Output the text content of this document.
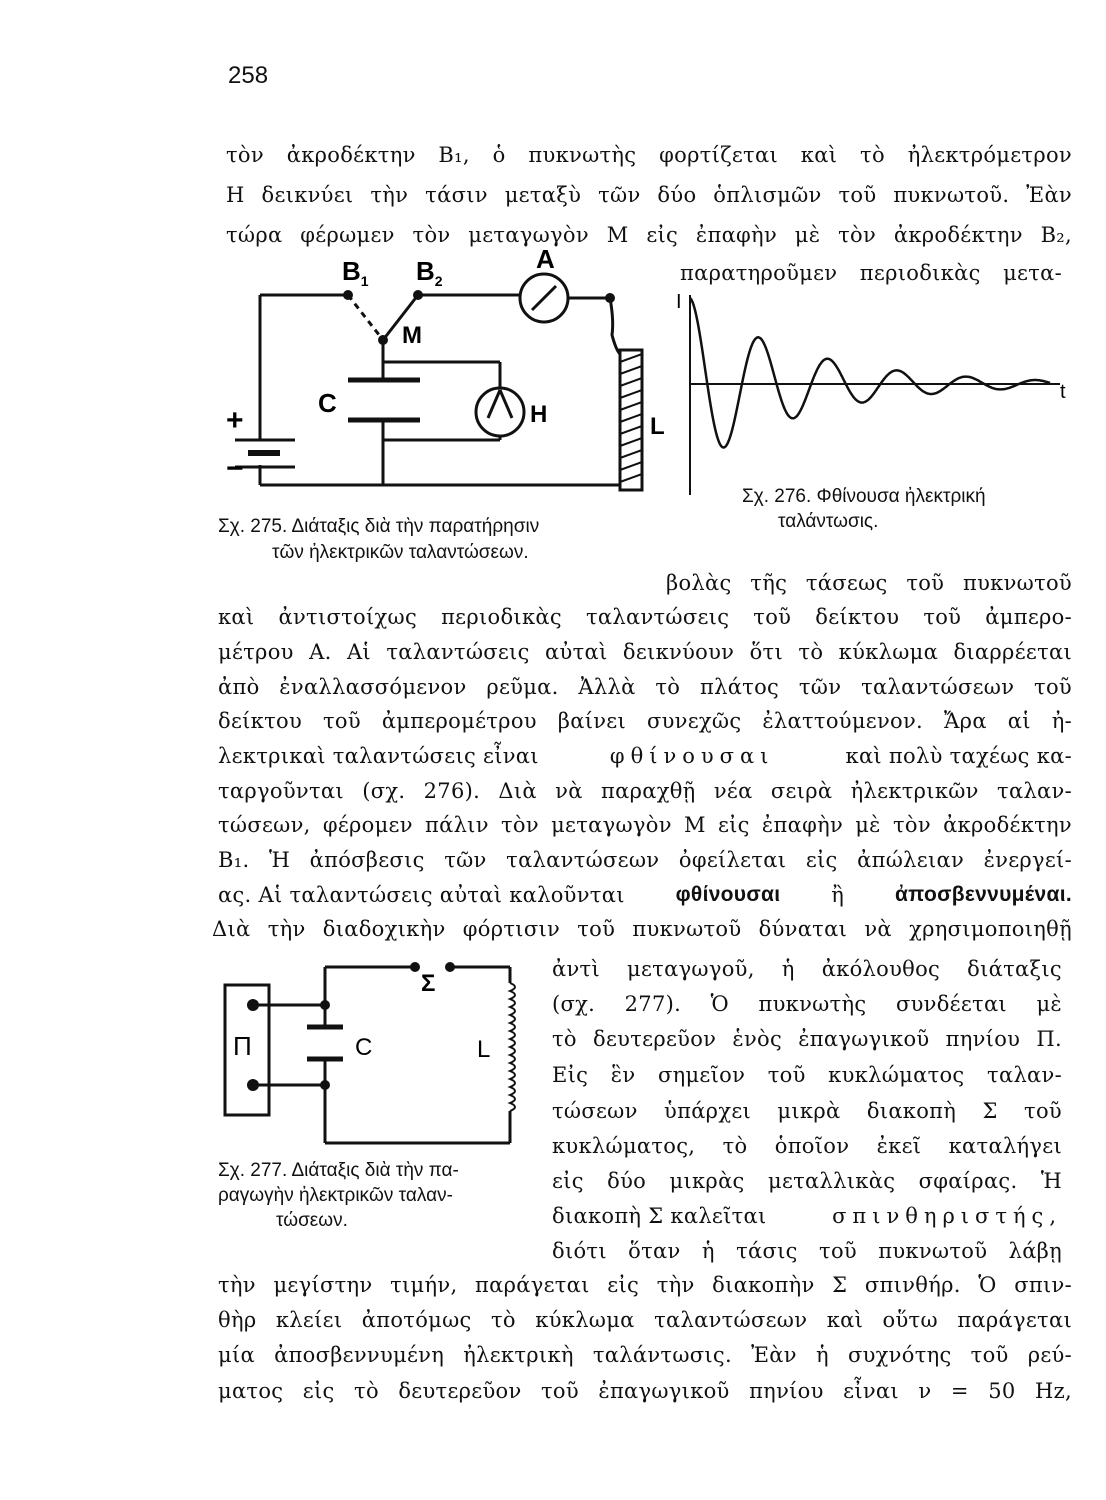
258
τὸν ἀκροδέκτην Β₁, ὁ πυκνωτὴς φορτίζεται καὶ τὸ ἠλεκτρόμετρον
Η δεικνύει τὴν τάσιν μεταξὺ τῶν δύο ὁπλισμῶν τοῦ πυκνωτοῦ. Ἐὰν
τώρα φέρωμεν τὸν μεταγωγὸν Μ εἰς ἐπαφὴν μὲ τὸν ἀκροδέκτην Β₂,
παρατηροῦμεν περιοδικὰς μετα-
$B_1$ $B_2$
A
M
C	H	L
+
−
Σχ. 275. Διάταξις διὰ τὴν παρατήρησιν
τῶν ἠλεκτρικῶν ταλαντώσεων.
I
t
Σχ. 276. Φθίνουσα ἠλεκτρική
ταλάντωσις.
βολὰς τῆς τάσεως τοῦ πυκνωτοῦ
καὶ ἀντιστοίχως περιοδικὰς ταλαντώσεις τοῦ δείκτου τοῦ ἀμπερο-
μέτρου Α. Αἱ ταλαντώσεις αὐταὶ δεικνύουν ὅτι τὸ κύκλωμα διαρρέεται
ἀπὸ ἐναλλασσόμενον ρεῦμα. Ἀλλὰ τὸ πλάτος τῶν ταλαντώσεων τοῦ
δείκτου τοῦ ἀμπερομέτρου βαίνει συνεχῶς ἐλαττούμενον. Ἄρα αἱ ἠ-
λεκτρικαὶ ταλαντώσεις εἶναι	φθίνουσαι	καὶ πολὺ ταχέως κα-
ταργοῦνται (σχ. 276). Διὰ νὰ παραχθῇ νέα σειρὰ ἠλεκτρικῶν ταλαν-
τώσεων, φέρομεν πάλιν τὸν μεταγωγὸν Μ εἰς ἐπαφὴν μὲ τὸν ἀκροδέκτην
Β₁. Ἡ ἀπόσβεσις τῶν ταλαντώσεων ὀφείλεται εἰς ἀπώλειαν ἐνεργεί-
ας. Αἱ ταλαντώσεις αὐταὶ καλοῦνται φθίνουσαι ἢ ἀποσβεννυμέναι.
Διὰ τὴν διαδοχικὴν φόρτισιν τοῦ πυκνωτοῦ δύναται νὰ χρησιμοποιηθῇ
Σ
Π	C	L
Σχ. 277. Διάταξις διὰ τὴν πα-
ραγωγὴν ἠλεκτρικῶν ταλαν-
τώσεων.
ἀντὶ μεταγωγοῦ, ἡ ἀκόλουθος διάταξις
(σχ. 277). Ὁ πυκνωτὴς συνδέεται μὲ
τὸ δευτερεῦον ἑνὸς ἐπαγωγικοῦ πηνίου Π.
Εἰς ἓν σημεῖον τοῦ κυκλώματος ταλαν-
τώσεων ὑπάρχει μικρὰ διακοπὴ Σ τοῦ
κυκλώματος, τὸ ὁποῖον ἐκεῖ καταλήγει
εἰς δύο μικρὰς μεταλλικὰς σφαίρας. Ἡ
διακοπὴ Σ καλεῖται	σπινθηριστής,
διότι ὅταν ἡ τάσις τοῦ πυκνωτοῦ λάβῃ
τὴν μεγίστην τιμήν, παράγεται εἰς τὴν διακοπὴν Σ σπινθήρ. Ὁ σπιν-
θὴρ κλείει ἀποτόμως τὸ κύκλωμα ταλαντώσεων καὶ οὕτω παράγεται
μία ἀποσβεννυμένη ἠλεκτρικὴ ταλάντωσις. Ἐὰν ἡ συχνότης τοῦ ρεύ-
ματος εἰς τὸ δευτερεῦον τοῦ ἐπαγωγικοῦ πηνίου εἶναι ν = 50 Hz,
